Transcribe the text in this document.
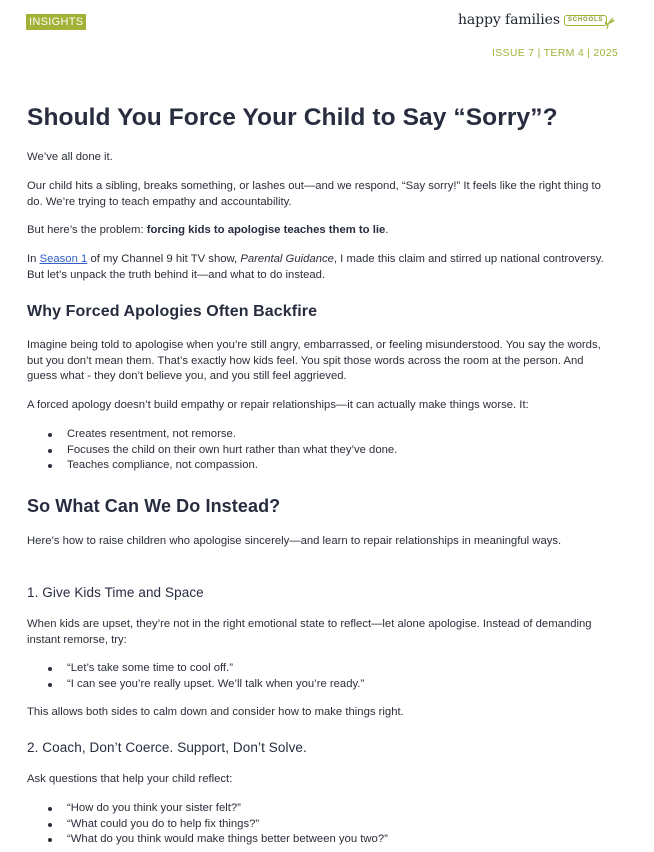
INSIGHTS	happy families	SCHOOLS
ISSUE 7 | TERM 4 | 2025
Should You Force Your Child to Say “Sorry”?

We’ve all done it.

Our child hits a sibling, breaks something, or lashes out—and we respond, “Say sorry!” It feels like the right thing to do. We’re trying to teach empathy and accountability.

But here’s the problem: forcing kids to apologise teaches them to lie.

In Season 1 of my Channel 9 hit TV show, Parental Guidance, I made this claim and stirred up national controversy. But let’s unpack the truth behind it—and what to do instead.

Why Forced Apologies Often Backfire

Imagine being told to apologise when you’re still angry, embarrassed, or feeling misunderstood. You say the words, but you don’t mean them. That’s exactly how kids feel. You spit those words across the room at the person. And guess what - they don’t believe you, and you still feel aggrieved.

A forced apology doesn’t build empathy or repair relationships—it can actually make things worse. It:

Creates resentment, not remorse.
Focuses the child on their own hurt rather than what they’ve done.
Teaches compliance, not compassion.
So What Can We Do Instead?

Here’s how to raise children who apologise sincerely—and learn to repair relationships in meaningful ways.

1. Give Kids Time and Space

When kids are upset, they’re not in the right emotional state to reflect—let alone apologise. Instead of demanding instant remorse, try:

“Let’s take some time to cool off.”
“I can see you’re really upset. We’ll talk when you’re ready.”

This allows both sides to calm down and consider how to make things right.

2. Coach, Don’t Coerce. Support, Don’t Solve.

Ask questions that help your child reflect:

“How do you think your sister felt?”
“What could you do to help fix things?”
“What do you think would make things better between you two?”
